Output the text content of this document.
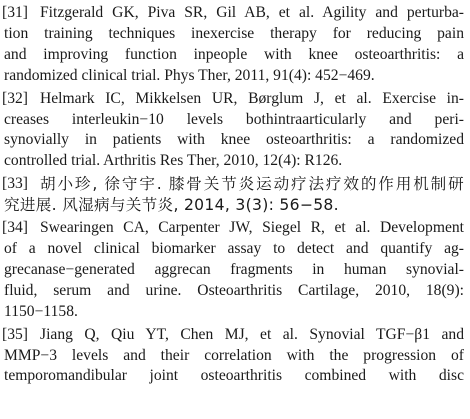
[31] Fitzgerald GK, Piva SR, Gil AB, et al. Agility and perturba-
tion training techniques inexercise therapy for reducing pain
and improving function inpeople with knee osteoarthritis: a
randomized clinical trial. Phys Ther, 2011, 91(4): 452−469.
[32] Helmark IC, Mikkelsen UR, Børglum J, et al. Exercise in-
creases interleukin−10 levels bothintraarticularly and peri-
synovially in patients with knee osteoarthritis: a randomized
controlled trial. Arthritis Res Ther, 2010, 12(4): R126.
[33] 胡小珍, 徐守宇. 膝骨关节炎运动疗法疗效的作用机制研
究进展. 风湿病与关节炎, 2014, 3(3): 56−58.
[34] Swearingen CA, Carpenter JW, Siegel R, et al. Development
of a novel clinical biomarker assay to detect and quantify ag-
grecanase−generated aggrecan fragments in human synovial-
fluid, serum and urine. Osteoarthritis Cartilage, 2010, 18(9):
1150−1158.
[35] Jiang Q, Qiu YT, Chen MJ, et al. Synovial TGF−β1 and
MMP−3 levels and their correlation with the progression of
temporomandibular joint osteoarthritis combined with disc
